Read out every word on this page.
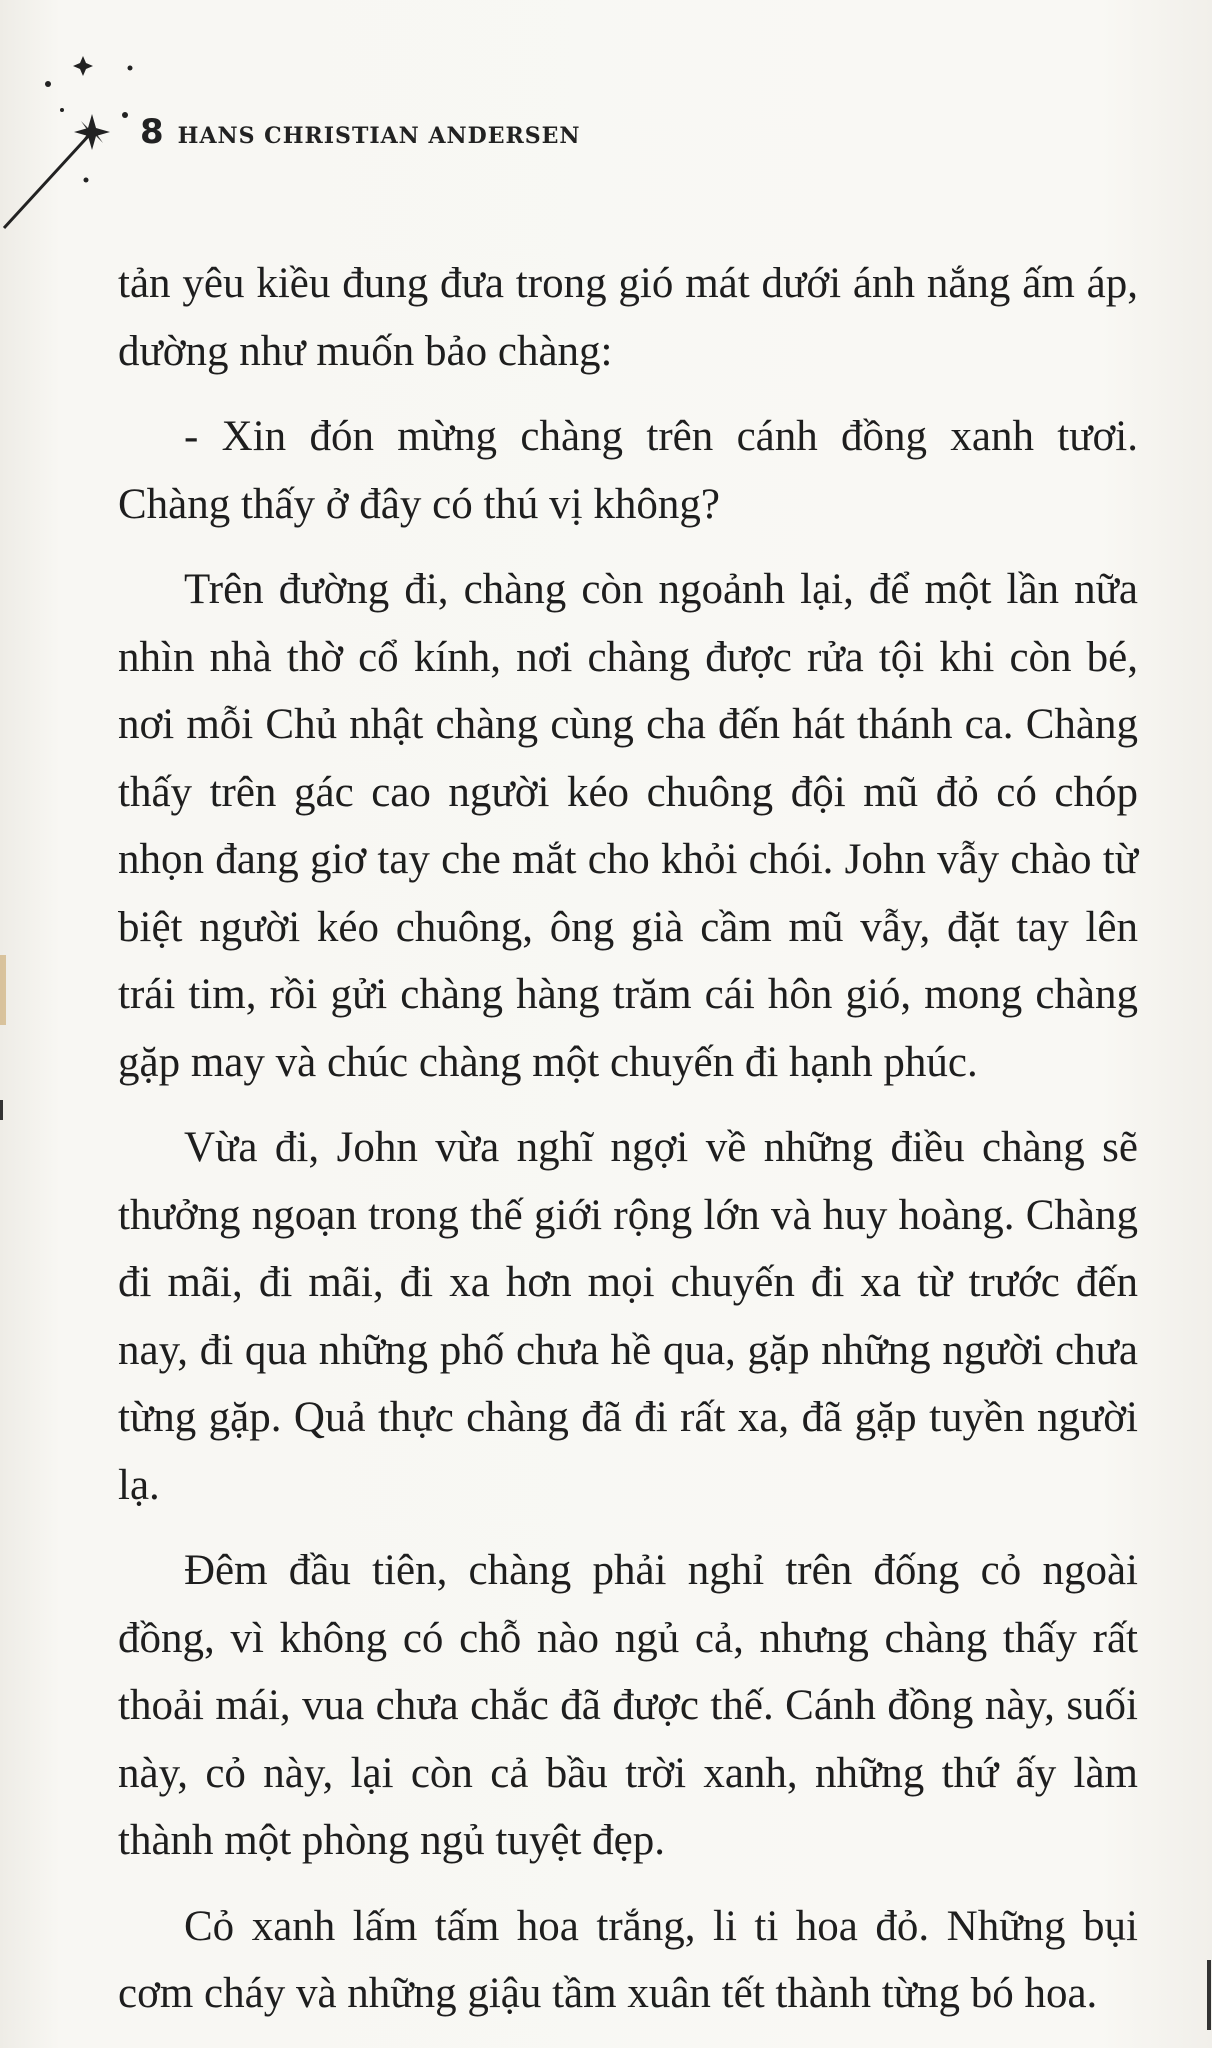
8 HANS CHRISTIAN ANDERSEN

tản yêu kiều đung đưa trong gió mát dưới ánh nắng ấm áp, dường như muốn bảo chàng:

- Xin đón mừng chàng trên cánh đồng xanh tươi. Chàng thấy ở đây có thú vị không?

Trên đường đi, chàng còn ngoảnh lại, để một lần nữa nhìn nhà thờ cổ kính, nơi chàng được rửa tội khi còn bé, nơi mỗi Chủ nhật chàng cùng cha đến hát thánh ca. Chàng thấy trên gác cao người kéo chuông đội mũ đỏ có chóp nhọn đang giơ tay che mắt cho khỏi chói. John vẫy chào từ biệt người kéo chuông, ông già cầm mũ vẫy, đặt tay lên trái tim, rồi gửi chàng hàng trăm cái hôn gió, mong chàng gặp may và chúc chàng một chuyến đi hạnh phúc.

Vừa đi, John vừa nghĩ ngợi về những điều chàng sẽ thưởng ngoạn trong thế giới rộng lớn và huy hoàng. Chàng đi mãi, đi mãi, đi xa hơn mọi chuyến đi xa từ trước đến nay, đi qua những phố chưa hề qua, gặp những người chưa từng gặp. Quả thực chàng đã đi rất xa, đã gặp tuyền người lạ.

Đêm đầu tiên, chàng phải nghỉ trên đống cỏ ngoài đồng, vì không có chỗ nào ngủ cả, nhưng chàng thấy rất thoải mái, vua chưa chắc đã được thế. Cánh đồng này, suối này, cỏ này, lại còn cả bầu trời xanh, những thứ ấy làm thành một phòng ngủ tuyệt đẹp.

Cỏ xanh lấm tấm hoa trắng, li ti hoa đỏ. Những bụi cơm cháy và những giậu tầm xuân tết thành từng bó hoa.
